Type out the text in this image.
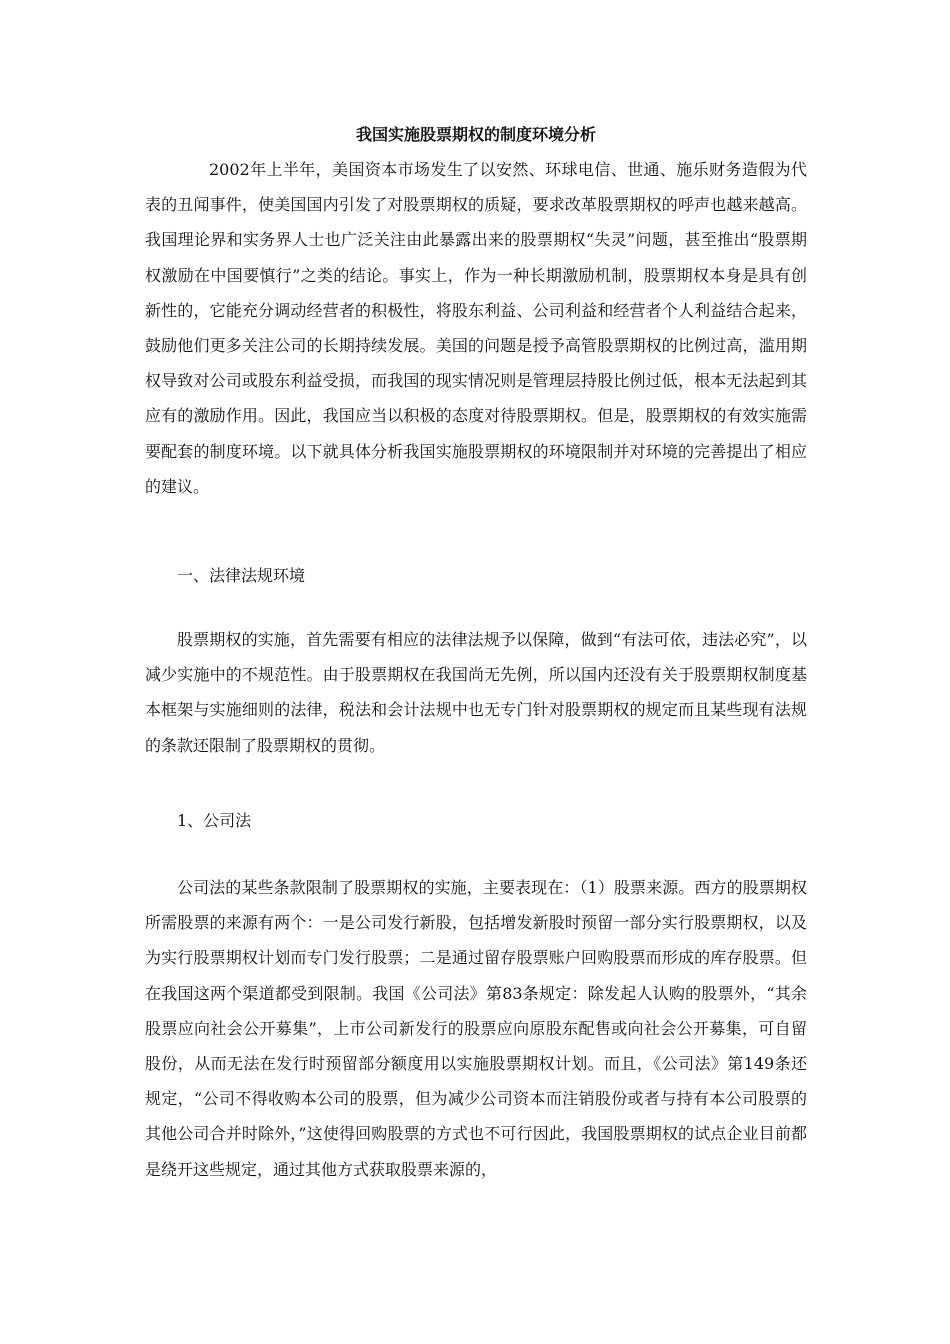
我国实施股票期权的制度环境分析

2002年上半年，美国资本市场发生了以安然、环球电信、世通、施乐财务造假为代表的丑闻事件，使美国国内引发了对股票期权的质疑，要求改革股票期权的呼声也越来越高。我国理论界和实务界人士也广泛关注由此暴露出来的股票期权“失灵”问题，甚至推出“股票期权激励在中国要慎行”之类的结论。事实上，作为一种长期激励机制，股票期权本身是具有创新性的，它能充分调动经营者的积极性，将股东利益、公司利益和经营者个人利益结合起来，鼓励他们更多关注公司的长期持续发展。美国的问题是授予高管股票期权的比例过高，滥用期权导致对公司或股东利益受损，而我国的现实情况则是管理层持股比例过低，根本无法起到其应有的激励作用。因此，我国应当以积极的态度对待股票期权。但是，股票期权的有效实施需要配套的制度环境。以下就具体分析我国实施股票期权的环境限制并对环境的完善提出了相应的建议。

一、法律法规环境

股票期权的实施，首先需要有相应的法律法规予以保障，做到“有法可依，违法必究”，以减少实施中的不规范性。由于股票期权在我国尚无先例，所以国内还没有关于股票期权制度基本框架与实施细则的法律，税法和会计法规中也无专门针对股票期权的规定而且某些现有法规的条款还限制了股票期权的贯彻。

1、公司法

公司法的某些条款限制了股票期权的实施，主要表现在：（1）股票来源。西方的股票期权所需股票的来源有两个：一是公司发行新股，包括增发新股时预留一部分实行股票期权，以及为实行股票期权计划而专门发行股票；二是通过留存股票账户回购股票而形成的库存股票。但在我国这两个渠道都受到限制。我国《公司法》第83条规定：除发起人认购的股票外，“其余股票应向社会公开募集”，上市公司新发行的股票应向原股东配售或向社会公开募集，可自留股份，从而无法在发行时预留部分额度用以实施股票期权计划。而且，《公司法》第149条还规定，“公司不得收购本公司的股票，但为减少公司资本而注销股份或者与持有本公司股票的其他公司合并时除外，”这使得回购股票的方式也不可行因此，我国股票期权的试点企业目前都是绕开这些规定，通过其他方式获取股票来源的，
